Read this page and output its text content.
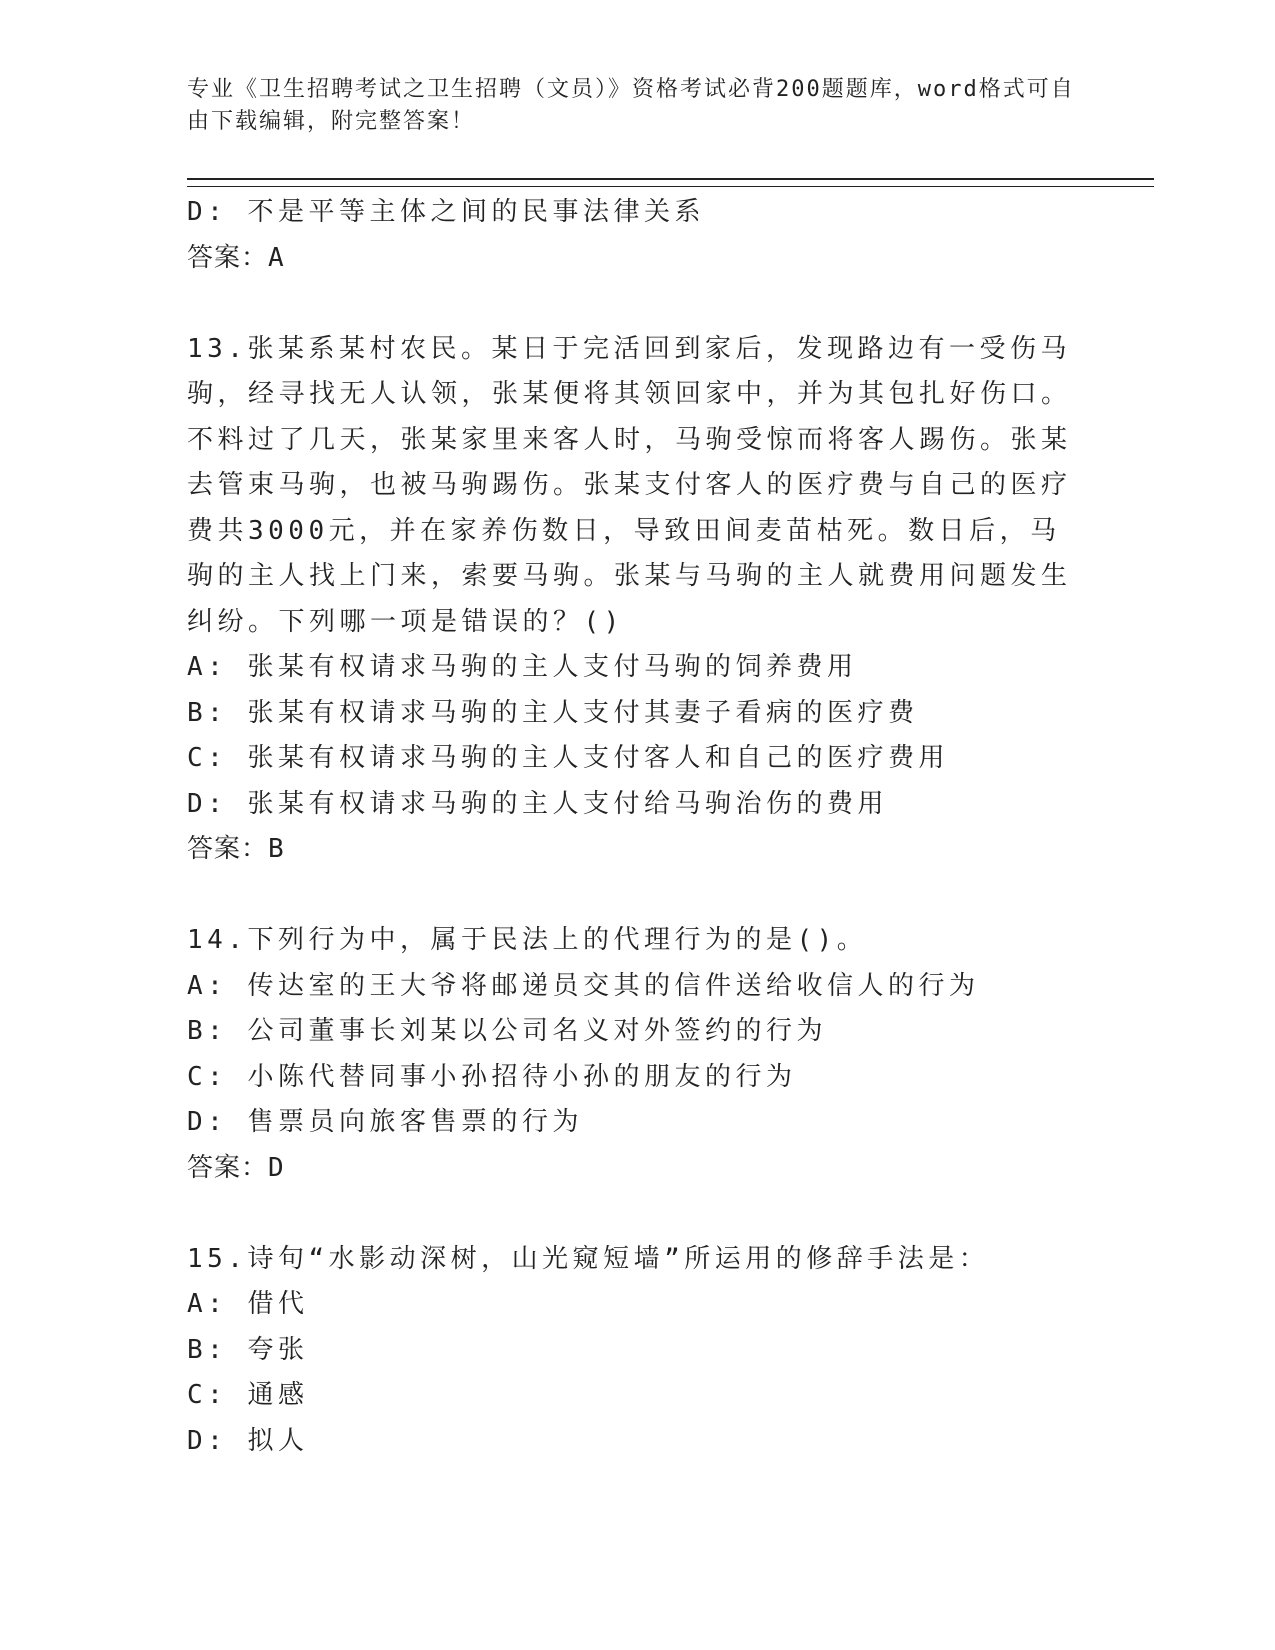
专业《卫生招聘考试之卫生招聘（文员）》资格考试必背200题题库，word格式可自由下载编辑，附完整答案！
D: 不是平等主体之间的民事法律关系
答案：A
13.张某系某村农民。某日于完活回到家后，发现路边有一受伤马驹，经寻找无人认领，张某便将其领回家中，并为其包扎好伤口。不料过了几天，张某家里来客人时，马驹受惊而将客人踢伤。张某去管束马驹，也被马驹踢伤。张某支付客人的医疗费与自己的医疗费共3000元，并在家养伤数日，导致田间麦苗枯死。数日后，马驹的主人找上门来，索要马驹。张某与马驹的主人就费用问题发生纠纷。下列哪一项是错误的？()
A: 张某有权请求马驹的主人支付马驹的饲养费用
B: 张某有权请求马驹的主人支付其妻子看病的医疗费
C: 张某有权请求马驹的主人支付客人和自己的医疗费用
D: 张某有权请求马驹的主人支付给马驹治伤的费用
答案：B
14.下列行为中，属于民法上的代理行为的是()。
A: 传达室的王大爷将邮递员交其的信件送给收信人的行为
B: 公司董事长刘某以公司名义对外签约的行为
C: 小陈代替同事小孙招待小孙的朋友的行为
D: 售票员向旅客售票的行为
答案：D
15.诗句“水影动深树，山光窥短墙”所运用的修辞手法是：
A: 借代
B: 夸张
C: 通感
D: 拟人
